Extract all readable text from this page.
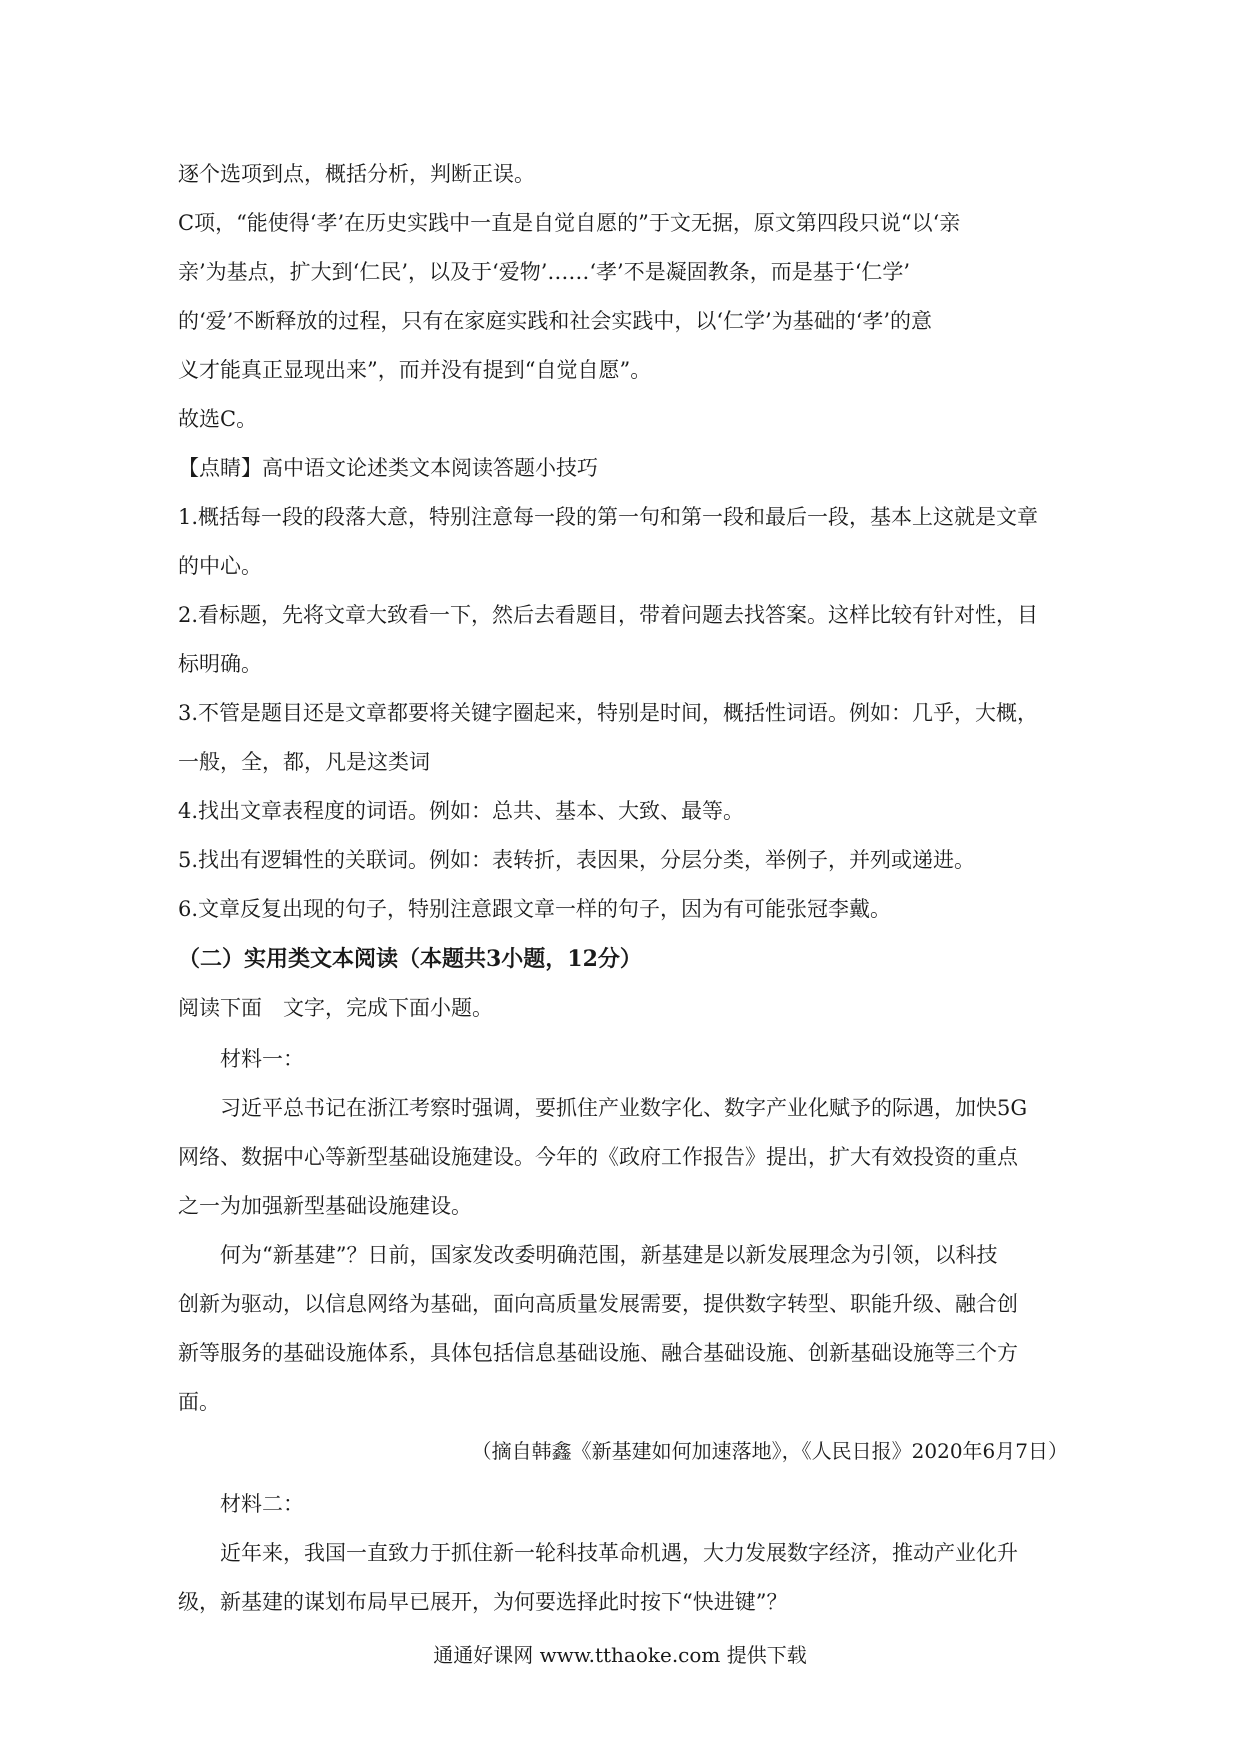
逐个选项到点，概括分析，判断正误。

C项，“能使得‘孝’在历史实践中一直是自觉自愿的”于文无据，原文第四段只说“以‘亲

亲’为基点，扩大到‘仁民’，以及于‘爱物’……‘孝’不是凝固教条，而是基于‘仁学’

的‘爱’不断释放的过程，只有在家庭实践和社会实践中，以‘仁学’为基础的‘孝’的意

义才能真正显现出来”，而并没有提到“自觉自愿”。

故选C。

【点睛】高中语文论述类文本阅读答题小技巧

1.概括每一段的段落大意，特别注意每一段的第一句和第一段和最后一段，基本上这就是文章

的中心。

2.看标题，先将文章大致看一下，然后去看题目，带着问题去找答案。这样比较有针对性，目

标明确。

3.不管是题目还是文章都要将关键字圈起来，特别是时间，概括性词语。例如：几乎，大概，

一般，全，都，凡是这类词

4.找出文章表程度的词语。例如：总共、基本、大致、最等。

5.找出有逻辑性的关联词。例如：表转折，表因果，分层分类，举例子，并列或递进。

6.文章反复出现的句子，特别注意跟文章一样的句子，因为有可能张冠李戴。

（二）实用类文本阅读（本题共3小题，12分）

阅读下面　文字，完成下面小题。

材料一：

习近平总书记在浙江考察时强调，要抓住产业数字化、数字产业化赋予的际遇，加快5G

网络、数据中心等新型基础设施建设。今年的《政府工作报告》提出，扩大有效投资的重点

之一为加强新型基础设施建设。

何为“新基建”？日前，国家发改委明确范围，新基建是以新发展理念为引领，以科技

创新为驱动，以信息网络为基础，面向高质量发展需要，提供数字转型、职能升级、融合创

新等服务的基础设施体系，具体包括信息基础设施、融合基础设施、创新基础设施等三个方

面。

（摘自韩鑫《新基建如何加速落地》，《人民日报》2020年6月7日）

材料二：

近年来，我国一直致力于抓住新一轮科技革命机遇，大力发展数字经济，推动产业化升

级，新基建的谋划布局早已展开，为何要选择此时按下“快进键”？

通通好课网 www.tthaoke.com 提供下载
